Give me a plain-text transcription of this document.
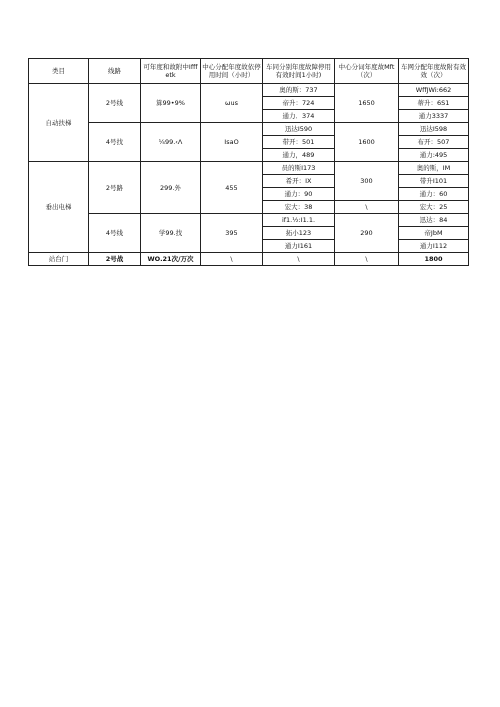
类目	线路	可年度和故附中Ifffetk	中心分配年度故依停用时间（小时）	车同分别年度故障停用有效时间1小时)	中心分词年度故Mft（次）	车网分配年度故附有效效（次）
自动扶梯	2号线	算99•9%	ωus	奥的斯：737	1650	WffJWi:662
				帝升：724		蒂升：6S1
				通力．374		通力3337
	4号找	¼99.‹Λ	IsaO	迅达I590	1600	迅达I598
				带开：501		布开：507
				通力，489		通力:495
垂出电梯	2号路	299.外	455	员的斯I173	300	奥的斯，IM
				希开：IX		带升I101
				通力：90		通力：60
				宏大：38	\	宏大：25
	4号线	学99.找	395	if1.½:I1.1.	290	迅达：84
				拓小123		帝JbM
				通力I161		通力I112
站台门	2号战	WO.21次/万次	\	\	\	1800
